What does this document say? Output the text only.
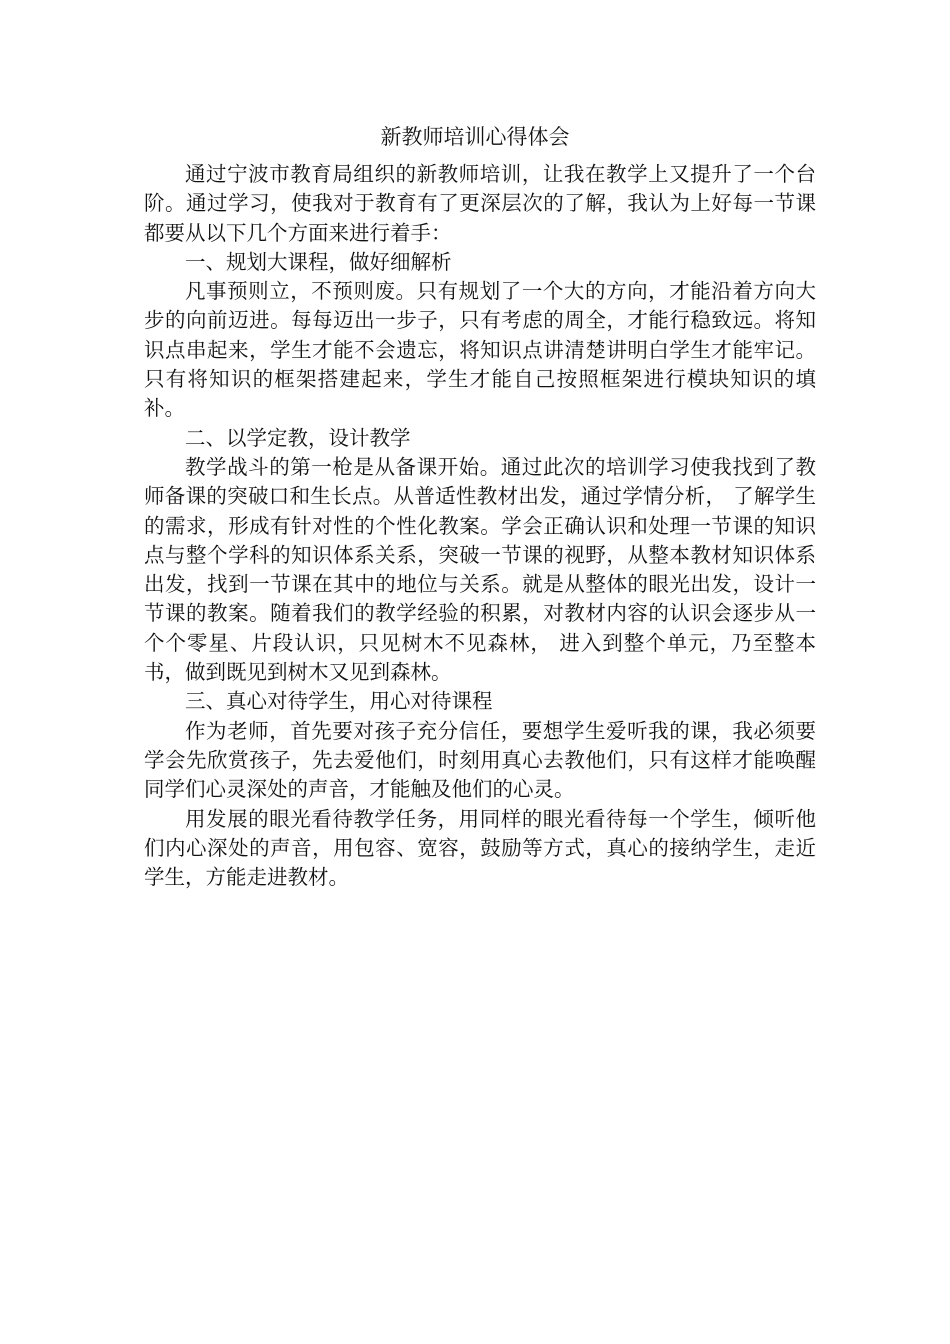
新教师培训心得体会

通过宁波市教育局组织的新教师培训，让我在教学上又提升了一个台阶。通过学习，使我对于教育有了更深层次的了解，我认为上好每一节课都要从以下几个方面来进行着手：

一、规划大课程，做好细解析

凡事预则立，不预则废。只有规划了一个大的方向，才能沿着方向大步的向前迈进。每每迈出一步子，只有考虑的周全，才能行稳致远。将知识点串起来，学生才能不会遗忘，将知识点讲清楚讲明白学生才能牢记。只有将知识的框架搭建起来，学生才能自己按照框架进行模块知识的填补。

二、以学定教，设计教学

教学战斗的第一枪是从备课开始。通过此次的培训学习使我找到了教师备课的突破口和生长点。从普适性教材出发，通过学情分析， 了解学生的需求，形成有针对性的个性化教案。学会正确认识和处理一节课的知识点与整个学科的知识体系关系，突破一节课的视野，从整本教材知识体系出发，找到一节课在其中的地位与关系。就是从整体的眼光出发，设计一节课的教案。随着我们的教学经验的积累，对教材内容的认识会逐步从一个个零星、片段认识，只见树木不见森林， 进入到整个单元，乃至整本书，做到既见到树木又见到森林。

三、真心对待学生，用心对待课程

作为老师，首先要对孩子充分信任，要想学生爱听我的课，我必须要学会先欣赏孩子，先去爱他们，时刻用真心去教他们，只有这样才能唤醒同学们心灵深处的声音，才能触及他们的心灵。

用发展的眼光看待教学任务，用同样的眼光看待每一个学生，倾听他们内心深处的声音，用包容、宽容，鼓励等方式，真心的接纳学生，走近学生，方能走进教材。
